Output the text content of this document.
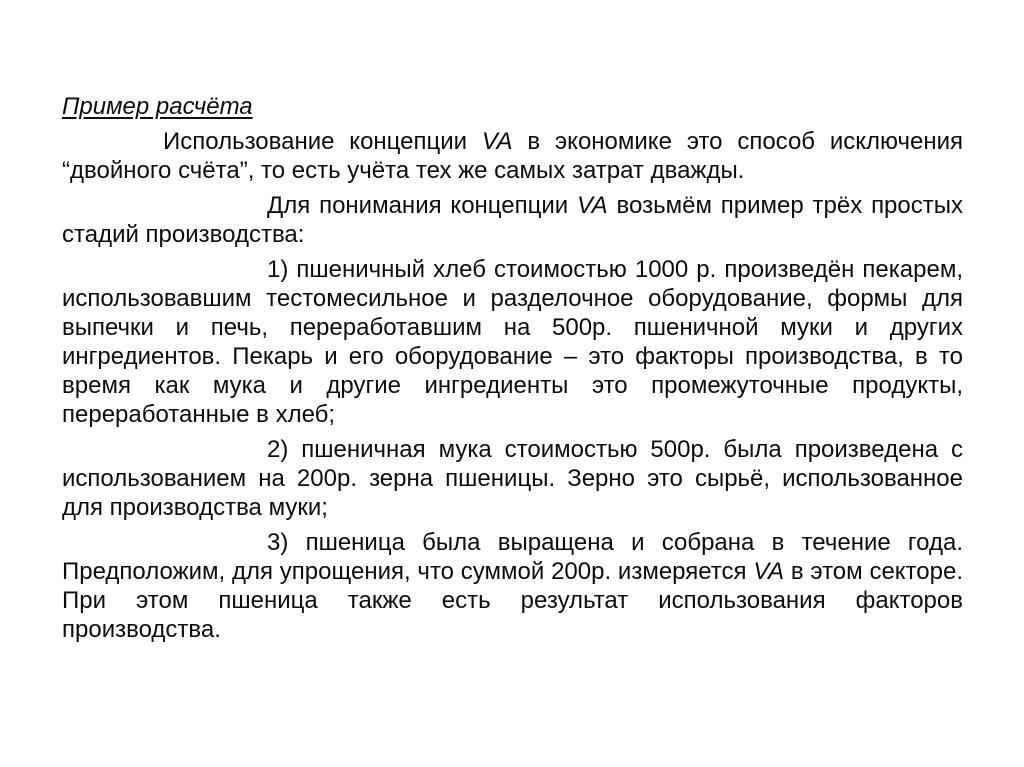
Пример расчёта

Использование концепции VA в экономике это способ исключения “двойного счёта”, то есть учёта тех же самых затрат дважды.

Для понимания концепции VA возьмём пример трёх простых стадий производства:

1) пшеничный хлеб стоимостью 1000 р. произведён пекарем, использовавшим тестомесильное и разделочное оборудование, формы для выпечки и печь, переработавшим на 500р. пшеничной муки и других ингредиентов. Пекарь и его оборудование – это факторы производства, в то время как мука и другие ингредиенты это промежуточные продукты, переработанные в хлеб;

2) пшеничная мука стоимостью 500р. была произведена с использованием на 200р. зерна пшеницы. Зерно это сырьё, использованное для производства муки;

3) пшеница была выращена и собрана в течение года. Предположим, для упрощения, что суммой 200р. измеряется VA в этом секторе. При этом пшеница также есть результат использования факторов производства.
